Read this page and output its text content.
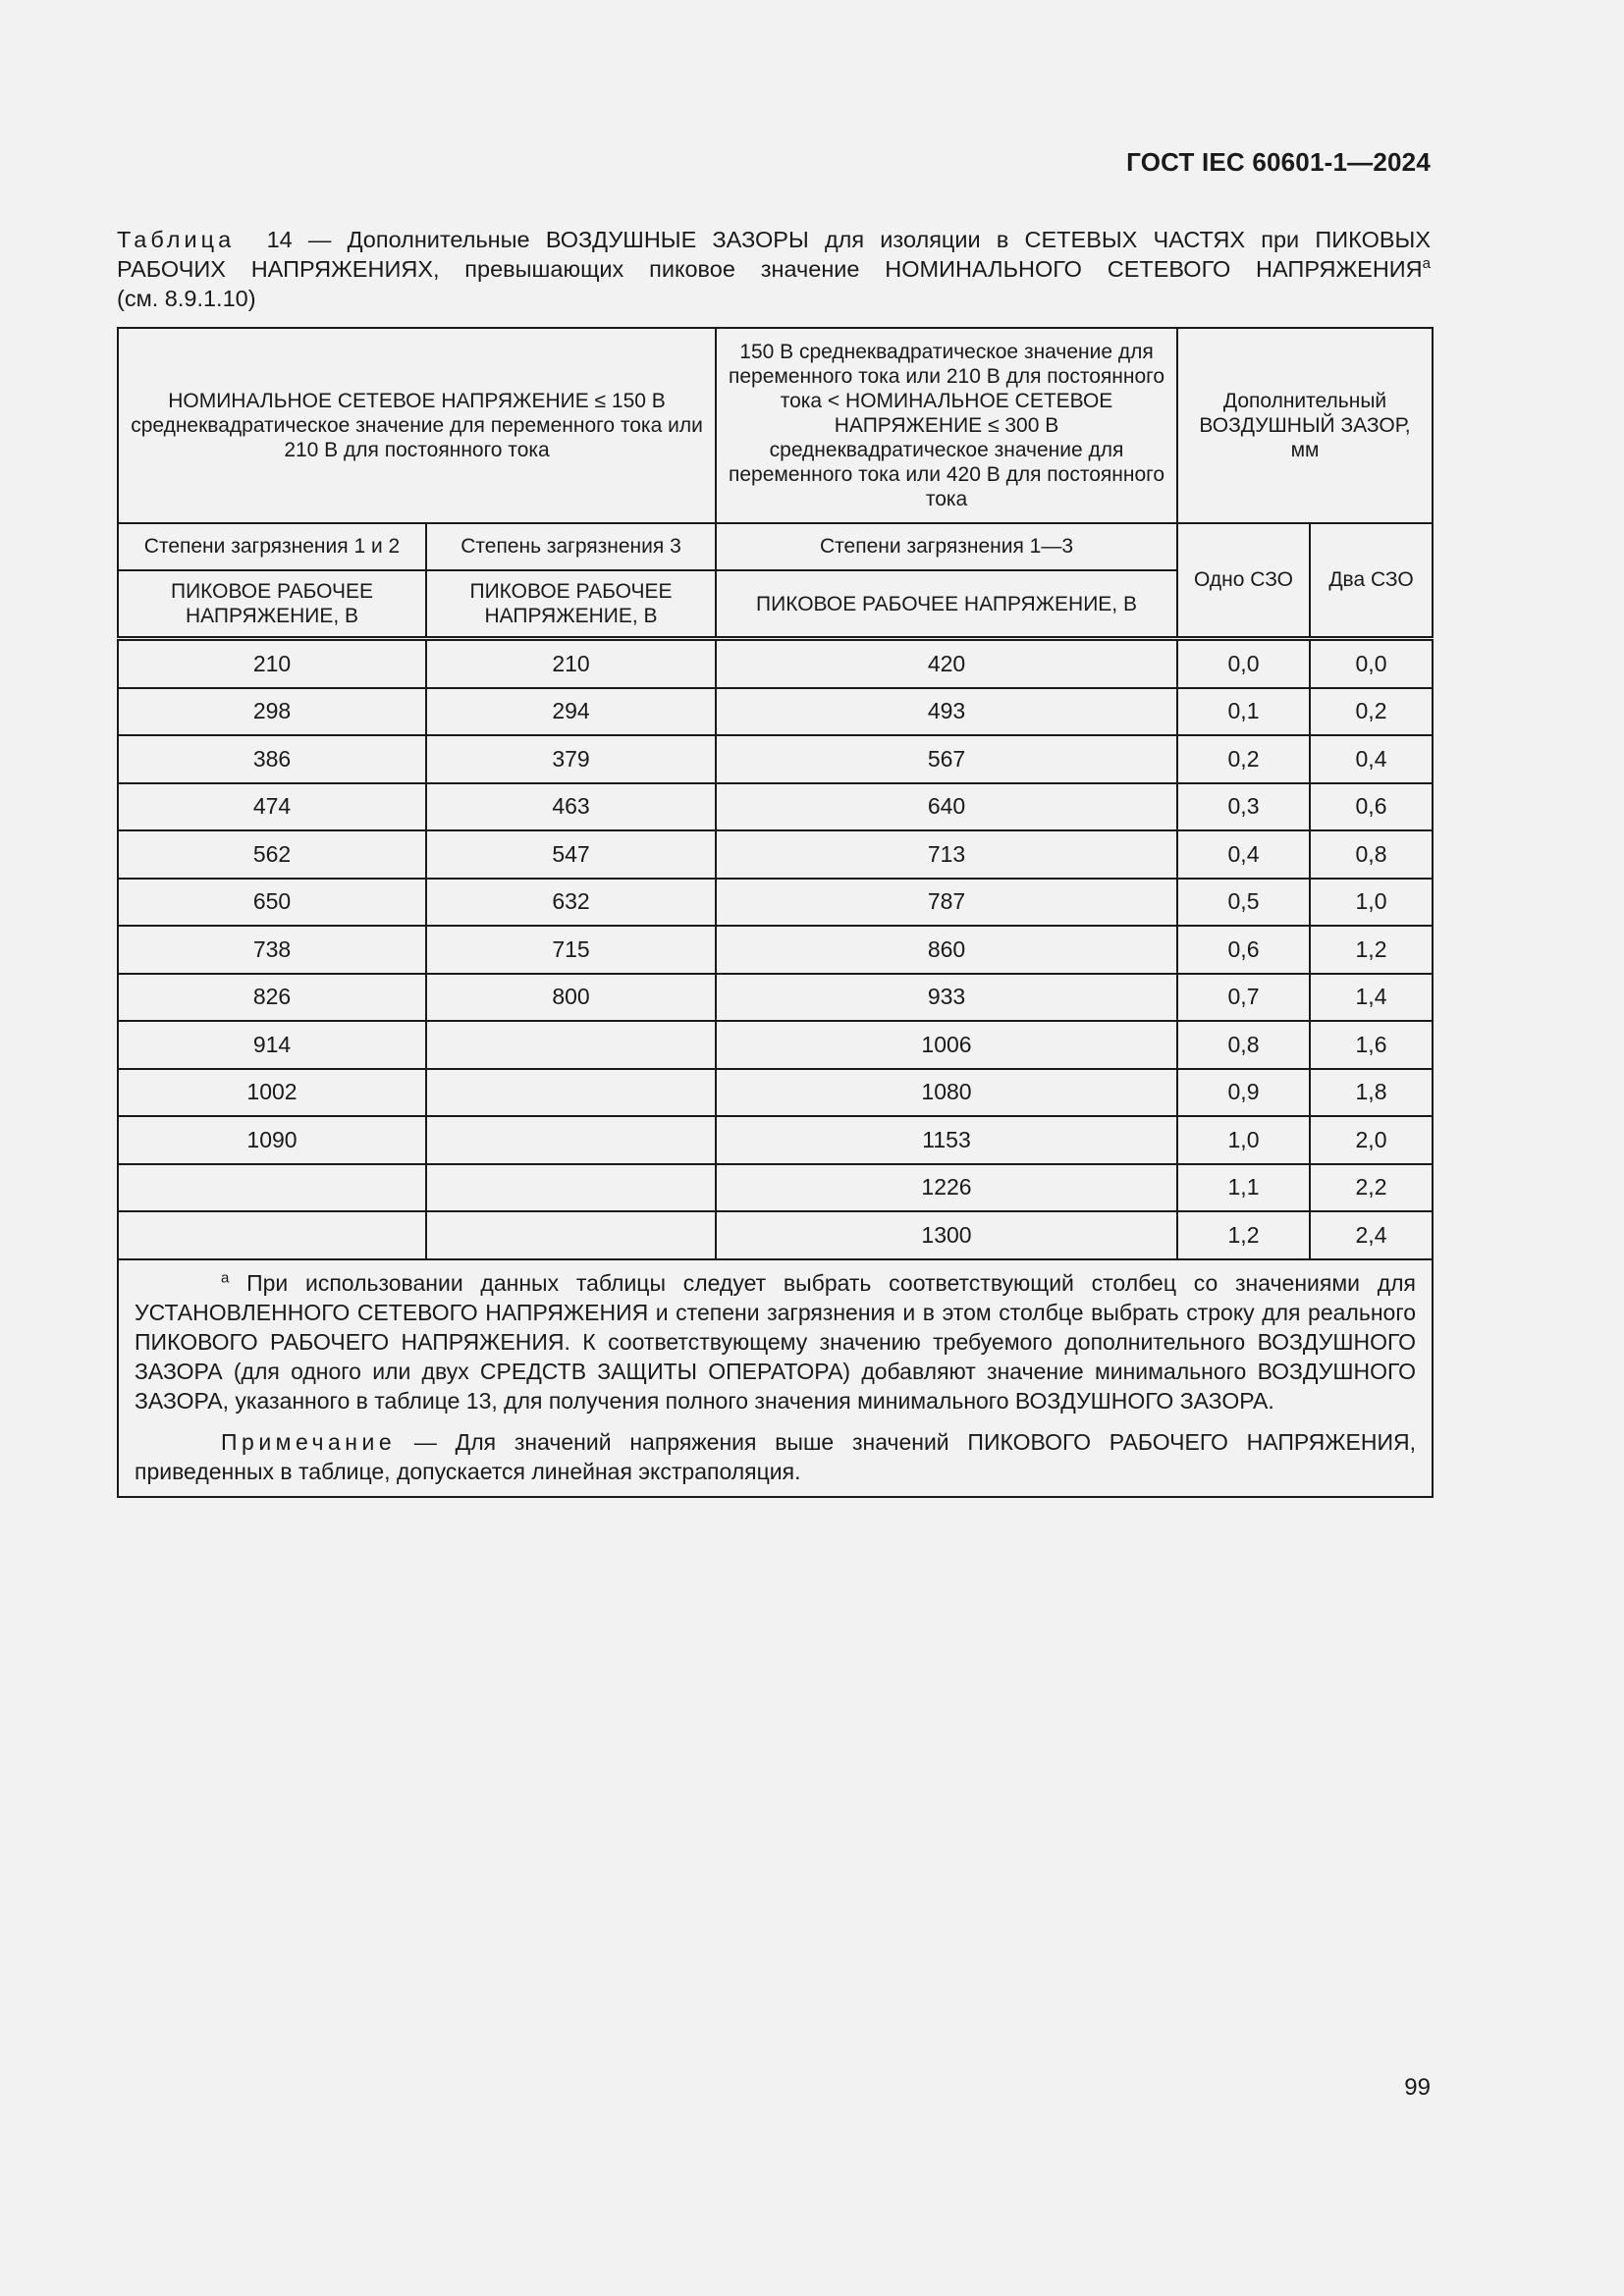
ГОСТ IEC 60601-1—2024
Таблица 14 — Дополнительные ВОЗДУШНЫЕ ЗАЗОРЫ для изоляции в СЕТЕВЫХ ЧАСТЯХ при ПИКОВЫХ
РАБОЧИХ НАПРЯЖЕНИЯХ, превышающих пиковое значение НОМИНАЛЬНОГО СЕТЕВОГО НАПРЯЖЕНИЯ$^a$
(см. 8.9.1.10)
НОМИНАЛЬНОЕ СЕТЕВОЕ НАПРЯЖЕНИЕ ≤ 150 В среднеквадратическое значение для переменного тока или 210 В для постоянного тока		150 В среднеквадратическое значение для переменного тока или 210 В для постоянного тока < НОМИНАЛЬНОЕ СЕТЕВОЕ НАПРЯЖЕНИЕ ≤ 300 В среднеквадратическое значение для переменного тока или 420 В для постоянного тока	Дополнительный ВОЗДУШНЫЙ ЗАЗОР, мм	
Степени загрязнения 1 и 2	Степень загрязнения 3	Степени загрязнения 1—3	Одно СЗО	Два СЗО
ПИКОВОЕ РАБОЧЕЕ НАПРЯЖЕНИЕ, В	ПИКОВОЕ РАБОЧЕЕ НАПРЯЖЕНИЕ, В	ПИКОВОЕ РАБОЧЕЕ НАПРЯЖЕНИЕ, В		
210	210	420	0,0	0,0
298	294	493	0,1	0,2
386	379	567	0,2	0,4
474	463	640	0,3	0,6
562	547	713	0,4	0,8
650	632	787	0,5	1,0
738	715	860	0,6	1,2
826	800	933	0,7	1,4
914		1006	0,8	1,6
1002		1080	0,9	1,8
1090		1153	1,0	2,0
		1226	1,1	2,2
		1300	1,2	2,4

$^a$ При использовании данных таблицы следует выбрать соответствующий столбец со значениями для УСТАНОВЛЕННОГО СЕТЕВОГО НАПРЯЖЕНИЯ и степени загрязнения и в этом столбце выбрать строку для реального ПИКОВОГО РАБОЧЕГО НАПРЯЖЕНИЯ. К соответствующему значению требуемого дополнительного ВОЗДУШНОГО ЗАЗОРА (для одного или двух СРЕДСТВ ЗАЩИТЫ ОПЕРАТОРА) добавляют значение минимального ВОЗДУШНОГО ЗАЗОРА, указанного в таблице 13, для получения полного значения минимального ВОЗДУШНОГО ЗАЗОРА.

Примечание — Для значений напряжения выше значений ПИКОВОГО РАБОЧЕГО НАПРЯЖЕНИЯ, приведенных в таблице, допускается линейная экстраполяция.				

99
